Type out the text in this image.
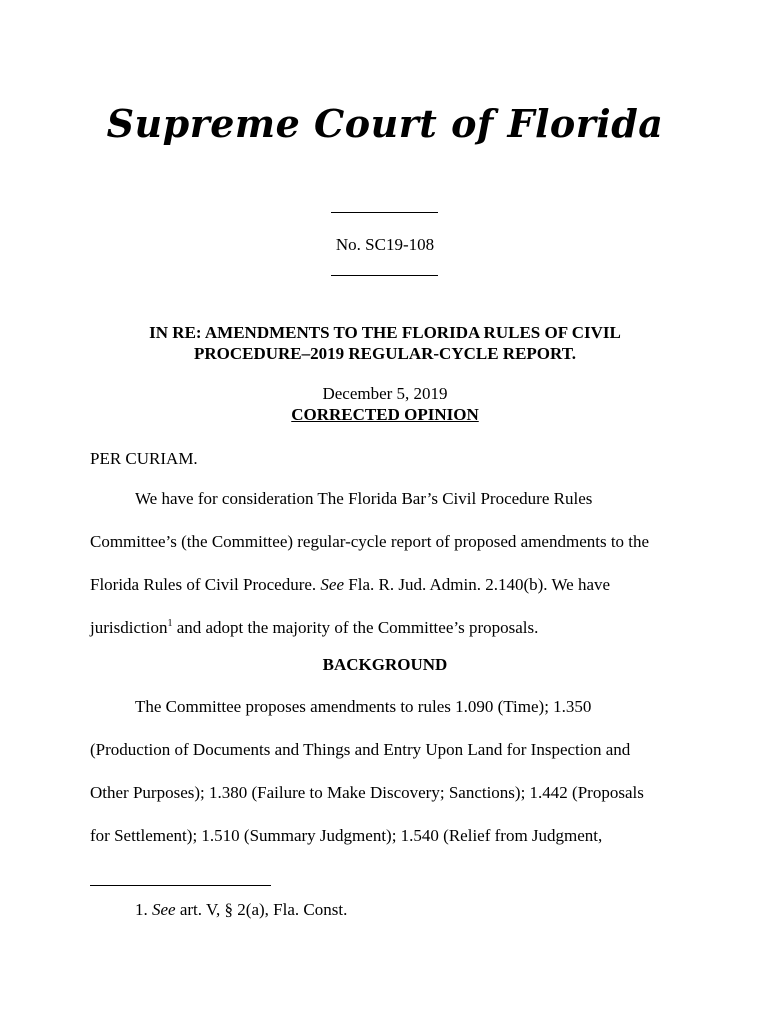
Supreme Court of Florida
No. SC19-108
IN RE: AMENDMENTS TO THE FLORIDA RULES OF CIVIL
PROCEDURE–2019 REGULAR-CYCLE REPORT.
December 5, 2019
CORRECTED OPINION
PER CURIAM.
We have for consideration The Florida Bar’s Civil Procedure Rules
Committee’s (the Committee) regular-cycle report of proposed amendments to the
Florida Rules of Civil Procedure. See Fla. R. Jud. Admin. 2.140(b). We have
jurisdiction$^1$ and adopt the majority of the Committee’s proposals.
BACKGROUND
The Committee proposes amendments to rules 1.090 (Time); 1.350
(Production of Documents and Things and Entry Upon Land for Inspection and
Other Purposes); 1.380 (Failure to Make Discovery; Sanctions); 1.442 (Proposals
for Settlement); 1.510 (Summary Judgment); 1.540 (Relief from Judgment,
1. See art. V, § 2(a), Fla. Const.
